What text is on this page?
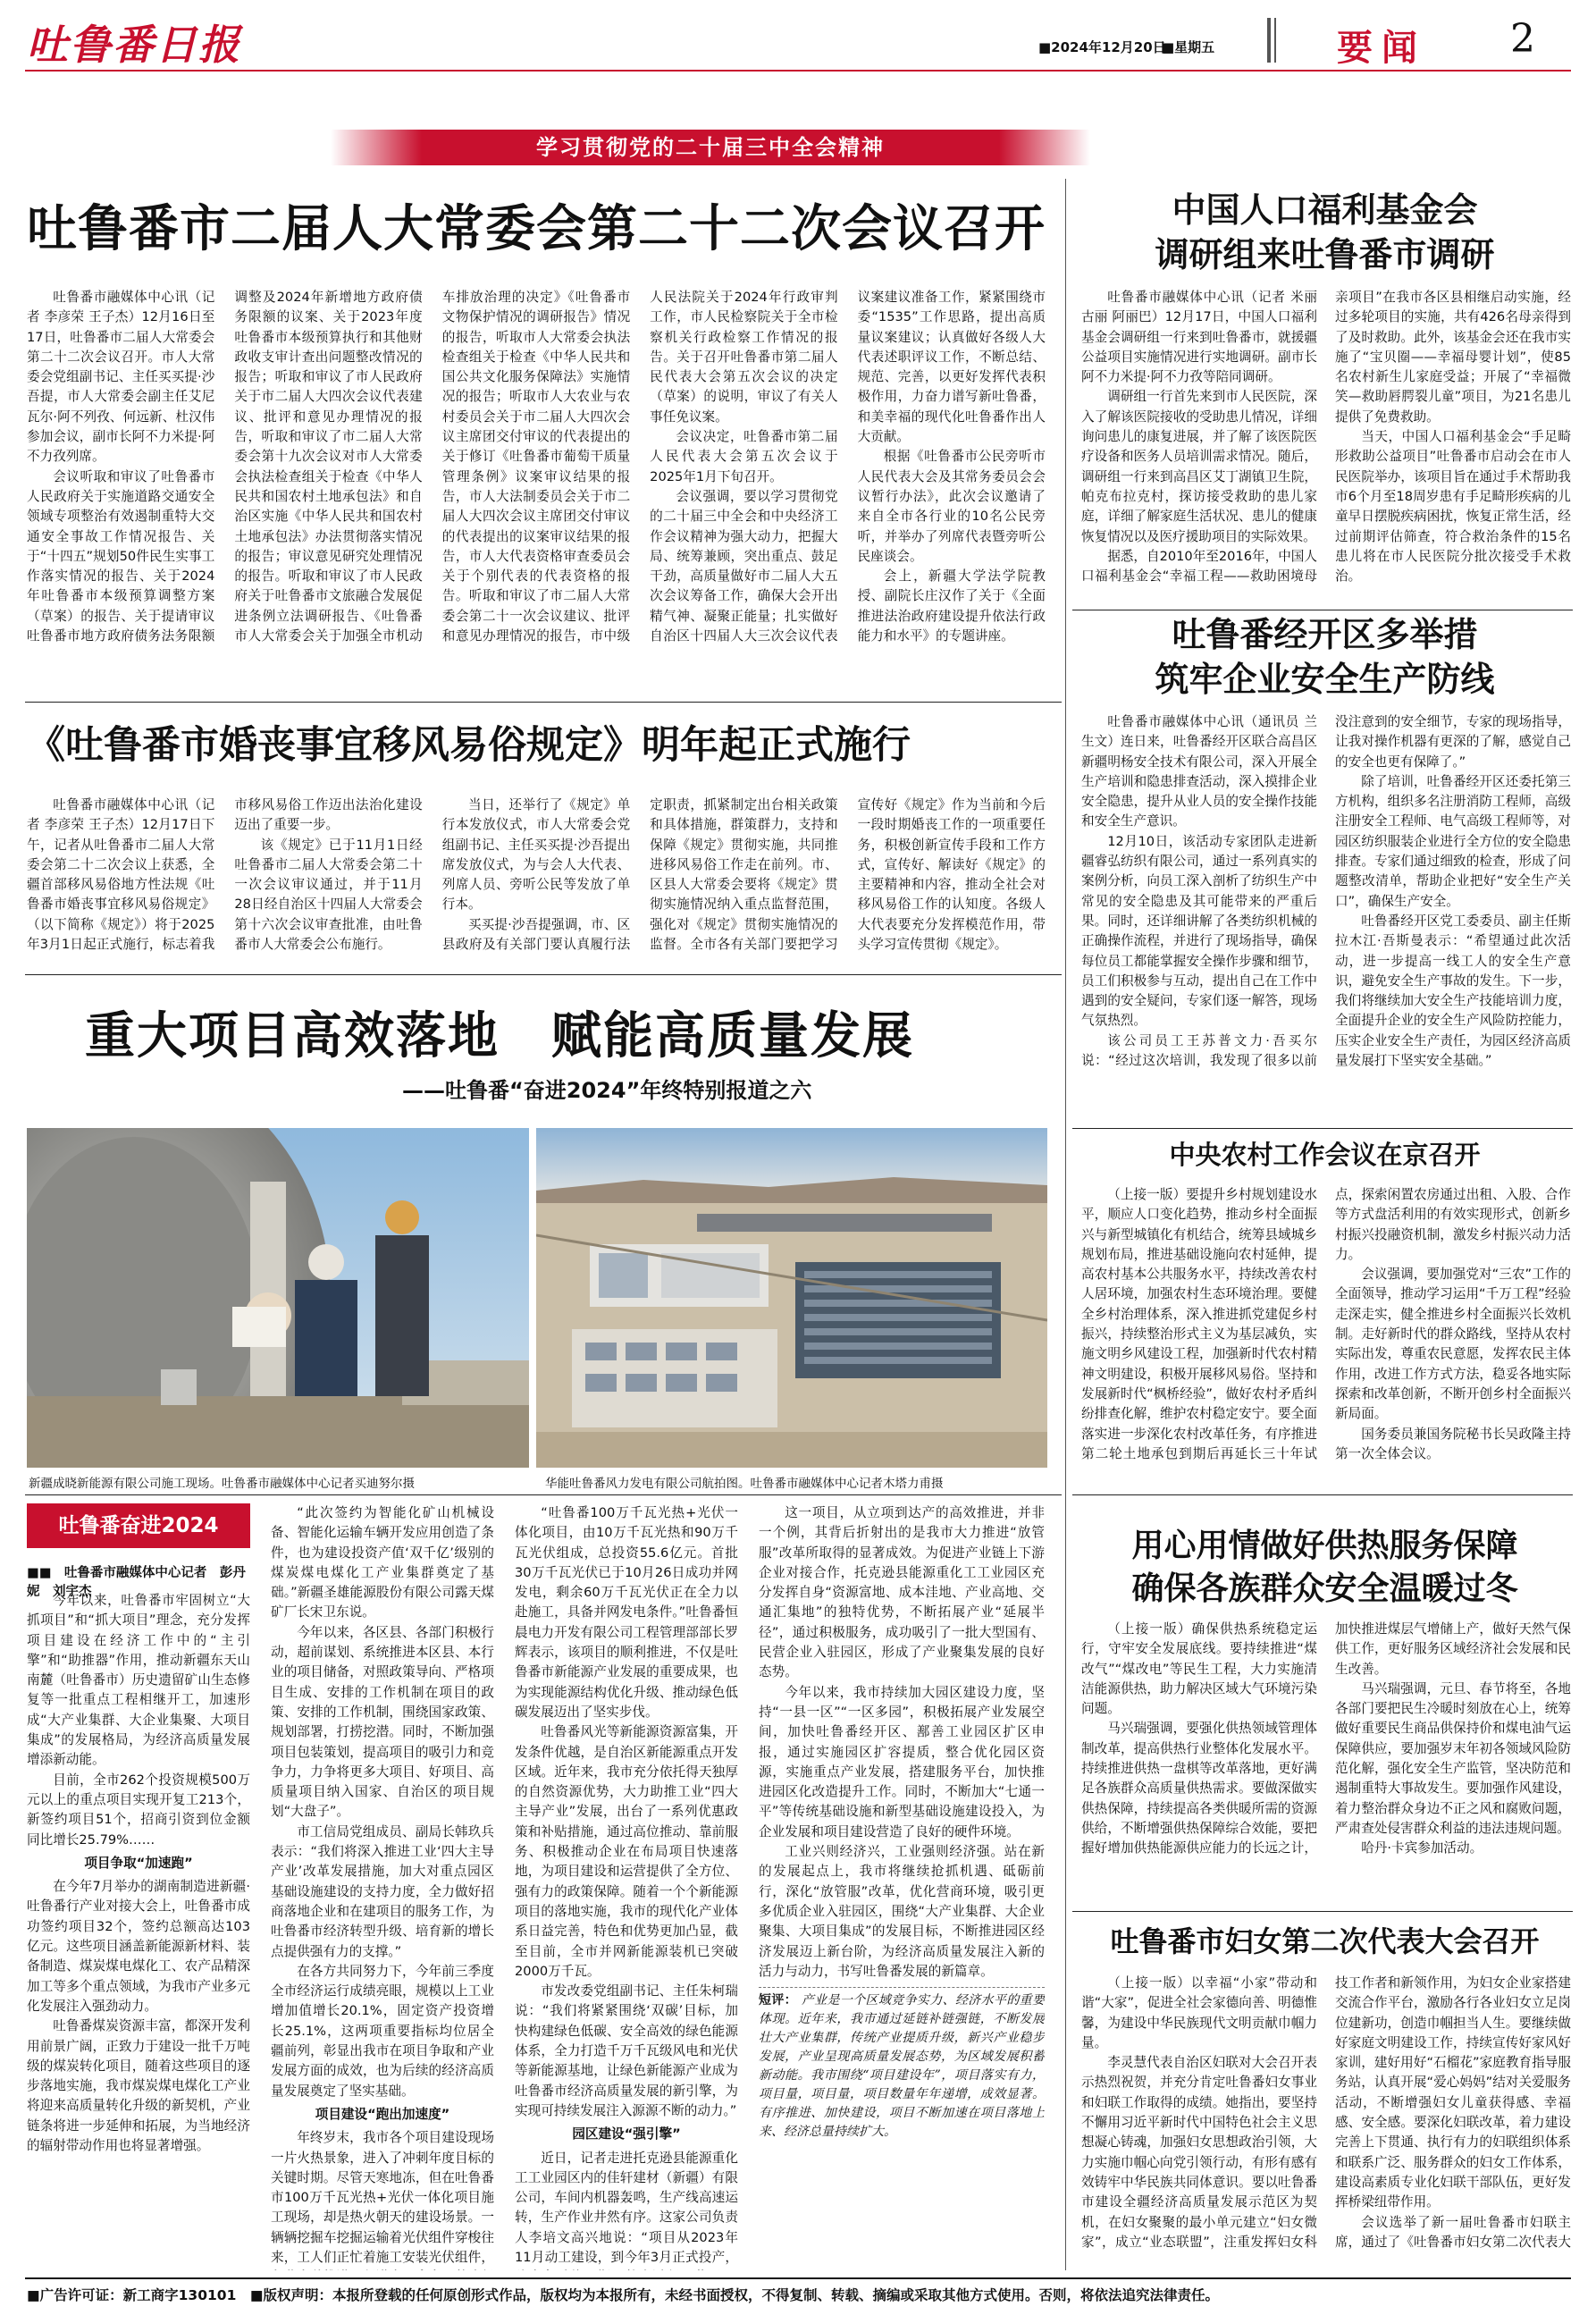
吐鲁番日报	■2024年12月20日
■星期五	要闻 2
学习贯彻党的二十届三中全会精神
吐鲁番市二届人大常委会第二十二次会议召开

吐鲁番市融媒体中心讯（记者 李彦荣 王子杰）12月16日至17日，吐鲁番市二届人大常委会第二十二次会议召开。市人大常委会党组副书记、主任买买提·沙吾提，市人大常委会副主任艾尼瓦尔·阿不列孜、何远新、杜汉伟参加会议，副市长阿不力米提·阿不力孜列席。

会议听取和审议了吐鲁番市人民政府关于实施道路交通安全领域专项整治有效遏制重特大交通安全事故工作情况报告、关于“十四五”规划50件民生实事工作落实情况的报告、关于2024年吐鲁番市本级预算调整方案（草案）的报告、关于提请审议吐鲁番市地方政府债务法务限额调整及2024年新增地方政府债务限额的议案、关于2023年度吐鲁番市本级预算执行和其他财政收支审计查出问题整改情况的报告；听取和审议了市人民政府关于市二届人大四次会议代表建议、批评和意见办理情况的报告，听取和审议了市二届人大常委会第十九次会议对市人大常委会执法检查组关于检查《中华人民共和国农村土地承包法》和自治区实施《中华人民共和国农村土地承包法》办法贯彻落实情况的报告；审议意见研究处理情况的报告。听取和审议了市人民政府关于吐鲁番市文旅融合发展促进条例立法调研报告、《吐鲁番市人大常委会关于加强全市机动车排放治理的决定》《吐鲁番市文物保护情况的调研报告》情况的报告，听取市人大常委会执法检查组关于检查《中华人民共和国公共文化服务保障法》实施情况的报告；听取市人大农业与农村委员会关于市二届人大四次会议主席团交付审议的代表提出的关于修订《吐鲁番市葡萄干质量管理条例》议案审议结果的报告，市人大法制委员会关于市二届人大四次会议主席团交付审议的代表提出的议案审议结果的报告，市人大代表资格审查委员会关于个别代表的代表资格的报告。听取和审议了市二届人大常委会第二十一次会议建议、批评和意见办理情况的报告，市中级人民法院关于2024年行政审判工作，市人民检察院关于全市检察机关行政检察工作情况的报告。关于召开吐鲁番市第二届人民代表大会第五次会议的决定（草案）的说明，审议了有关人事任免议案。

会议决定，吐鲁番市第二届人民代表大会第五次会议于2025年1月下旬召开。

会议强调，要以学习贯彻党的二十届三中全会和中央经济工作会议精神为强大动力，把握大局、统筹兼顾，突出重点、鼓足干劲，高质量做好市二届人大五次会议筹备工作，确保大会开出精气神、凝聚正能量；扎实做好自治区十四届人大三次会议代表议案建议准备工作，紧紧围绕市委“1535”工作思路，提出高质量议案建议；认真做好各级人大代表述职评议工作，不断总结、规范、完善，以更好发挥代表积极作用，力奋力谱写新吐鲁番，和美幸福的现代化吐鲁番作出人大贡献。

根据《吐鲁番市公民旁听市人民代表大会及其常务委员会会议暂行办法》，此次会议邀请了来自全市各行业的10名公民旁听，并举办了列席代表暨旁听公民座谈会。

会上，新疆大学法学院教授、副院长庄汉作了关于《全面推进法治政府建设提升依法行政能力和水平》的专题讲座。

《吐鲁番市婚丧事宜移风易俗规定》明年起正式施行

吐鲁番市融媒体中心讯（记者 李彦荣 王子杰）12月17日下午，记者从吐鲁番市二届人大常委会第二十二次会议上获悉，全疆首部移风易俗地方性法规《吐鲁番市婚丧事宜移风易俗规定》（以下简称《规定》）将于2025年3月1日起正式施行，标志着我市移风易俗工作迈出法治化建设迈出了重要一步。

该《规定》已于11月1日经吐鲁番市二届人大常委会第二十一次会议审议通过，并于11月28日经自治区十四届人大常委会第十六次会议审查批准，由吐鲁番市人大常委会公布施行。

当日，还举行了《规定》单行本发放仪式，市人大常委会党组副书记、主任买买提·沙吾提出席发放仪式，为与会人大代表、列席人员、旁听公民等发放了单行本。

买买提·沙吾提强调，市、区县政府及有关部门要认真履行法定职责，抓紧制定出台相关政策和具体措施，群策群力，支持和保障《规定》贯彻实施，共同推进移风易俗工作走在前列。市、区县人大常委会要将《规定》贯彻实施情况纳入重点监督范围，强化对《规定》贯彻实施情况的监督。全市各有关部门要把学习宣传好《规定》作为当前和今后一段时期婚丧工作的一项重要任务，积极创新宣传手段和工作方式，宣传好、解读好《规定》的主要精神和内容，推动全社会对移风易俗工作的认知度。各级人大代表要充分发挥模范作用，带头学习宣传贯彻《规定》。

重大项目高效落地　赋能高质量发展
——吐鲁番“奋进2024”年终特别报道之六
新疆成晓新能源有限公司施工现场。吐鲁番市融媒体中心记者买迪努尔摄	华能吐鲁番风力发电有限公司航拍图。吐鲁番市融媒体中心记者木塔力甫摄
吐鲁番奋进2024
■■　吐鲁番市融媒体中心记者　彭丹妮　刘宇杰

今年以来，吐鲁番市牢固树立“大抓项目”和“抓大项目”理念，充分发挥项目建设在经济工作中的“主引擎”和“助推器”作用，推动新疆东天山南麓（吐鲁番市）历史遗留矿山生态修复等一批重点工程相继开工，加速形成“大产业集群、大企业集聚、大项目集成”的发展格局，为经济高质量发展增添新动能。

目前，全市262个投资规模500万元以上的重点项目实现开复工213个，新签约项目51个，招商引资到位金额同比增长25.79%……

项目争取“加速跑”

在今年7月举办的湖南制造进新疆·吐鲁番行产业对接大会上，吐鲁番市成功签约项目32个，签约总额高达103亿元。这些项目涵盖新能源新材料、装备制造、煤炭煤电煤化工、农产品精深加工等多个重点领域，为我市产业多元化发展注入强劲动力。

吐鲁番煤炭资源丰富，都深开发利用前景广阔，正致力于建设一批千万吨级的煤炭转化项目，随着这些项目的逐步落地实施，我市煤炭煤电煤化工产业将迎来高质量转化升级的新契机，产业链条将进一步延伸和拓展，为当地经济的辐射带动作用也将显著增强。

“此次签约为智能化矿山机械设备、智能化运输车辆开发应用创造了条件，也为建设投资产值‘双千亿’级别的煤炭煤电煤化工产业集群奠定了基础。”新疆圣雄能源股份有限公司露天煤矿厂长宋卫东说。

今年以来，各区县、各部门积极行动，超前谋划、系统推进本区县、本行业的项目储备，对照政策导向、严格项目生成、安排的工作机制在项目的政策、安排的工作机制，围绕国家政策、规划部署，打捞挖潜。同时，不断加强项目包装策划，提高项目的吸引力和竞争力，力争将更多大项目、好项目、高质量项目纳入国家、自治区的项目规划“大盘子”。

市工信局党组成员、副局长韩玖兵表示：“我们将深入推进工业‘四大主导产业’改革发展措施，加大对重点园区基础设施建设的支持力度，全力做好招商落地企业和在建项目的服务工作，为吐鲁番市经济转型升级、培育新的增长点提供强有力的支撑。”

在各方共同努力下，今年前三季度全市经济运行成绩亮眼，规模以上工业增加值增长20.1%，固定资产投资增长25.1%，这两项重要指标均位居全疆前列，彰显出我市在项目争取和产业发展方面的成效，也为后续的经济高质量发展奠定了坚实基础。

项目建设“跑出加速度”

年终岁末，我市各个项目建设现场一片火热景象，进入了冲刺年度目标的关键时期。尽管天寒地冻，但在吐鲁番市100万千瓦光热+光伏一体化项目施工现场，却是热火朝天的建设场景。一辆辆挖掘车挖掘运输着光伏组件穿梭往来，工人们正忙着施工安装光伏组件，

“吐鲁番100万千瓦光热+光伏一体化项目，由10万千瓦光热和90万千瓦光伏组成，总投资55.6亿元。首批30万千瓦光伏已于10月26日成功并网发电，剩余60万千瓦光伏正在全力以赴施工，具备并网发电条件。”吐鲁番恒晨电力开发有限公司工程管理部部长罗辉表示，该项目的顺利推进，不仅是吐鲁番市新能源产业发展的重要成果，也为实现能源结构优化升级、推动绿色低碳发展迈出了坚实步伐。

吐鲁番风光等新能源资源富集，开发条件优越，是自治区新能源重点开发区域。近年来，我市充分依托得天独厚的自然资源优势，大力助推工业“四大主导产业”发展，出台了一系列优惠政策和补贴措施，通过高位推动、靠前服务、积极推动企业在布局项目快速落地，为项目建设和运营提供了全方位、强有力的政策保障。随着一个个新能源项目的落地实施，我市的现代化产业体系日益完善，特色和优势更加凸显，截至目前，全市并网新能源装机已突破2000万千瓦。

市发改委党组副书记、主任朱柯瑞说：“我们将紧紧围绕‘双碳’目标，加快构建绿色低碳、安全高效的绿色能源体系，全力打造千万千瓦级风电和光伏等新能源基地，让绿色新能源产业成为吐鲁番市经济高质量发展的新引擎，为实现可持续发展注入源源不断的动力。”

园区建设“强引擎”

近日，记者走进托克逊县能源重化工工业园区内的佳轩建材（新疆）有限公司，车间内机器轰鸣，生产线高速运转，生产作业井然有序。这家公司负责人李培文高兴地说：“项目从2023年11月动工建设，到今年3月正式投产，

这一项目，从立项到达产的高效推进，并非一个例，其背后折射出的是我市大力推进“放管服”改革所取得的显著成效。为促进产业链上下游企业对接合作，托克逊县能源重化工工业园区充分发挥自身“资源富地、成本洼地、产业高地、交通汇集地”的独特优势，不断拓展产业“延展半径”，通过积极服务，成功吸引了一批大型国有、民营企业入驻园区，形成了产业聚集发展的良好态势。

今年以来，我市持续加大园区建设力度，坚持“一县一区”“一区多园”，积极拓展产业发展空间，加快吐鲁番经开区、鄯善工业园区扩区申报，通过实施园区扩容提质，整合优化园区资源，实施重点产业发展，搭建服务平台，加快推进园区化改造提升工作。同时，不断加大“七通一平”等传统基础设施和新型基础设施建设投入，为企业发展和项目建设营造了良好的硬件环境。

工业兴则经济兴，工业强则经济强。站在新的发展起点上，我市将继续抢抓机遇、砥砺前行，深化“放管服”改革，优化营商环境，吸引更多优质企业入驻园区，围绕“大产业集群、大企业聚集、大项目集成”的发展目标，不断推进园区经济发展迈上新台阶，为经济高质量发展注入新的活力与动力，书写吐鲁番发展的新篇章。

短评： 产业是一个区域竞争实力、经济水平的重要体现。近年来，我市通过延链补链强链，不断发展壮大产业集群，传统产业提质升级，新兴产业稳步发展，产业呈现高质量发展态势，为区域发展积蓄新动能。我市围绕“项目建设年”，项目落实有力，项目量，项目量，项目数量年年递增，成效显著。有序推进、加快建设，项目不断加速在项目落地上来、经济总量持续扩大。
中国人口福利基金会
调研组来吐鲁番市调研

吐鲁番市融媒体中心讯（记者 米丽古丽 阿丽巴）12月17日，中国人口福利基金会调研组一行来到吐鲁番市，就援疆公益项目实施情况进行实地调研。副市长阿不力米提·阿不力孜等陪同调研。

调研组一行首先来到市人民医院，深入了解该医院接收的受助患儿情况，详细询问患儿的康复进展，并了解了该医院医疗设备和医务人员培训需求情况。随后，调研组一行来到高昌区艾丁湖镇卫生院，帕克布拉克村，探访接受救助的患儿家庭，详细了解家庭生活状况、患儿的健康恢复情况以及医疗援助项目的实际效果。

据悉，自2010年至2016年，中国人口福利基金会“幸福工程——救助困境母亲项目”在我市各区县相继启动实施，经过多轮项目的实施，共有426名母亲得到了及时救助。此外，该基金会还在我市实施了“宝贝圈——幸福母婴计划”，使85名农村新生儿家庭受益；开展了“幸福微笑—救助唇腭裂儿童”项目，为21名患儿提供了免费救助。

当天，中国人口福利基金会“手足畸形救助公益项目”吐鲁番市启动会在市人民医院举办，该项目旨在通过手术帮助我市6个月至18周岁患有手足畸形疾病的儿童早日摆脱疾病困扰，恢复正常生活，经过前期评估筛查，符合救治条件的15名患儿将在市人民医院分批次接受手术救治。

吐鲁番经开区多举措
筑牢企业安全生产防线

吐鲁番市融媒体中心讯（通讯员 兰生文）连日来，吐鲁番经开区联合高昌区新疆明杨安全技术有限公司，深入开展全生产培训和隐患排查活动，深入摸排企业安全隐患，提升从业人员的安全操作技能和安全生产意识。

12月10日，该活动专家团队走进新疆睿弘纺织有限公司，通过一系列真实的案例分析，向员工深入剖析了纺织生产中常见的安全隐患及其可能带来的严重后果。同时，还详细讲解了各类纺织机械的正确操作流程，并进行了现场指导，确保每位员工都能掌握安全操作步骤和细节，员工们积极参与互动，提出自己在工作中遇到的安全疑问，专家们逐一解答，现场气氛热烈。

该公司员工王苏普文力·吾买尔说：“经过这次培训，我发现了很多以前没注意到的安全细节，专家的现场指导，让我对操作机器有更深的了解，感觉自己的安全也更有保障了。”

除了培训，吐鲁番经开区还委托第三方机构，组织多名注册消防工程师，高级注册安全工程师、电气高级工程师等，对园区纺织服装企业进行全方位的安全隐患排查。专家们通过细致的检查，形成了问题整改清单，帮助企业把好“安全生产关口”，确保生产安全。

吐鲁番经开区党工委委员、副主任斯拉木江·吾斯曼表示：“希望通过此次活动，进一步提高一线工人的安全生产意识，避免安全生产事故的发生。下一步，我们将继续加大安全生产技能培训力度，全面提升企业的安全生产风险防控能力，压实企业安全生产责任，为园区经济高质量发展打下坚实安全基础。”

中央农村工作会议在京召开

（上接一版）要提升乡村规划建设水平，顺应人口变化趋势，推动乡村全面振兴与新型城镇化有机结合，统筹县域城乡规划布局，推进基础设施向农村延伸，提高农村基本公共服务水平，持续改善农村人居环境，加强农村生态环境治理。要健全乡村治理体系，深入推进抓党建促乡村振兴，持续整治形式主义为基层减负，实施文明乡风建设工程，加强新时代农村精神文明建设，积极开展移风易俗。坚持和发展新时代“枫桥经验”，做好农村矛盾纠纷排查化解，维护农村稳定安宁。要全面落实进一步深化农村改革任务，有序推进第二轮土地承包到期后再延长三十年试点，探索闲置农房通过出租、入股、合作等方式盘活利用的有效实现形式，创新乡村振兴投融资机制，激发乡村振兴动力活力。

会议强调，要加强党对“三农”工作的全面领导，推动学习运用“千万工程”经验走深走实，健全推进乡村全面振兴长效机制。走好新时代的群众路线，坚持从农村实际出发，尊重农民意愿，发挥农民主体作用，改进工作方式方法，稳妥各地实际探索和改革创新，不断开创乡村全面振兴新局面。

国务委员兼国务院秘书长吴政隆主持第一次全体会议。

用心用情做好供热服务保障
确保各族群众安全温暖过冬

（上接一版）确保供热系统稳定运行，守牢安全发展底线。要持续推进“煤改气”“煤改电”等民生工程，大力实施清洁能源供热，助力解决区域大气环境污染问题。

马兴瑞强调，要强化供热领域管理体制改革，提高供热行业整体化发展水平。持续推进供热一盘棋等改革落地，更好满足各族群众高质量供热需求。要做深做实供热保障，持续提高各类供暖所需的资源供给，不断增强供热保障综合效能，要把握好增加供热能源供应能力的长远之计，加快推进煤层气增储上产，做好天然气保供工作，更好服务区域经济社会发展和民生改善。

马兴瑞强调，元旦、春节将至，各地各部门要把民生冷暖时刻放在心上，统筹做好重要民生商品供保持价和煤电油气运保障供应，要加强岁末年初各领域风险防范化解，强化安全生产监管，坚决防范和遏制重特大事故发生。要加强作风建设，着力整治群众身边不正之风和腐败问题，严肃查处侵害群众利益的违法违规问题。

哈丹·卡宾参加活动。

吐鲁番市妇女第二次代表大会召开

（上接一版）以幸福“小家”带动和谐“大家”，促进全社会家德向善、明德惟馨，为建设中华民族现代文明贡献巾帼力量。

李灵慧代表自治区妇联对大会召开表示热烈祝贺，并充分肯定吐鲁番妇女事业和妇联工作取得的成绩。她指出，要坚持不懈用习近平新时代中国特色社会主义思想凝心铸魂，加强妇女思想政治引领，大力实施巾帼心向党引领行动，有形有感有效铸牢中华民族共同体意识。要以吐鲁番市建设全疆经济高质量发展示范区为契机，在妇女聚聚的最小单元建立“妇女微家”，成立“业态联盟”，注重发挥妇女科技工作者和新领作用，为妇女企业家搭建交流合作平台，激励各行各业妇女立足岗位建新功，创造巾帼担当人生。要继续做好家庭文明建设工作，持续宣传好家风好家训，建好用好“石榴花”家庭教育指导服务站，认真开展“爱心妈妈”结对关爱服务活动，不断增强妇女儿童获得感、幸福感、安全感。要深化妇联改革，着力建设完善上下贯通、执行有力的妇联组织体系和联系广泛、服务群众的妇女工作体系，建设高素质专业化妇联干部队伍，更好发挥桥梁纽带作用。

会议选举了新一届吐鲁番市妇联主席，通过了《吐鲁番市妇女第二次代表大

■广告许可证：新工商字130101　■版权声明：本报所登载的任何原创形式作品，版权均为本报所有，未经书面授权，不得复制、转载、摘编或采取其他方式使用。否则，将依法追究法律责任。
